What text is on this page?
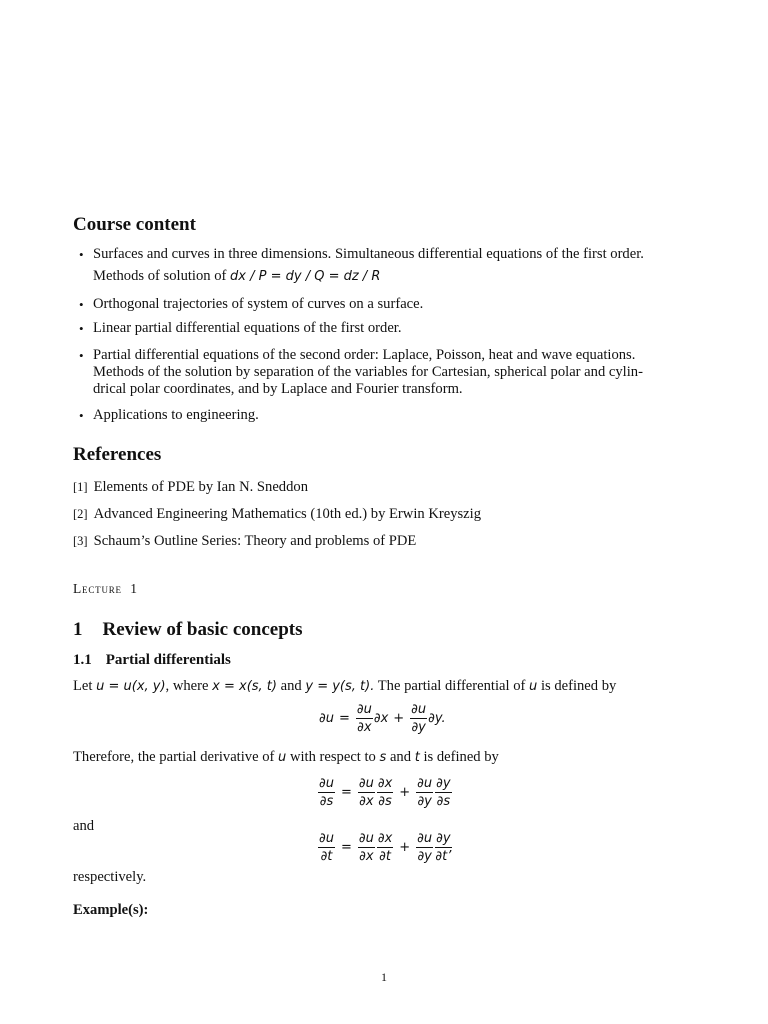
Course content
• Surfaces and curves in three dimensions. Simultaneous differential equations of the first order.
Methods of solution of dx / P = dy / Q = dz / R
• Orthogonal trajectories of system of curves on a surface.
• Linear partial differential equations of the first order.
• Partial differential equations of the second order: Laplace, Poisson, heat and wave equations.
Methods of the solution by separation of the variables for Cartesian, spherical polar and cylin-
drical polar coordinates, and by Laplace and Fourier transform.
• Applications to engineering.
References
[1] Elements of PDE by Ian N. Sneddon
[2] Advanced Engineering Mathematics (10th ed.) by Erwin Kreyszig
[3] Schaum’s Outline Series: Theory and problems of PDE
Lecture 1
1 Review of basic concepts
1.1 Partial differentials
Let u = u(x, y), where x = x(s, t) and y = y(s, t). The partial differential of u is defined by
$\partial u = \frac{\partial u}{\partial x} \partial x + \frac{\partial u}{\partial y} \partial y$.
Therefore, the partial derivative of u with respect to s and t is defined by
$\frac{\partial u}{\partial s} = \frac{\partial u}{\partial x} \frac{\partial x}{\partial s} + \frac{\partial u}{\partial y} \frac{\partial y}{\partial s}$
and
$\frac{\partial u}{\partial t} = \frac{\partial u}{\partial x} \frac{\partial x}{\partial t} + \frac{\partial u}{\partial y} \frac{\partial y}{\partial t’}$
respectively.
Example(s):
1
